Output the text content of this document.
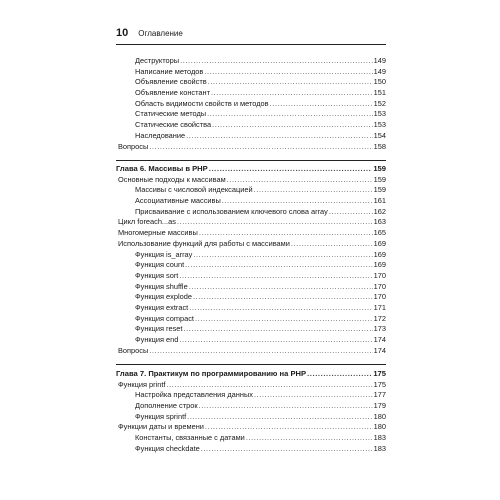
10 Оглавление
Деструкторы .....	149
Написание методов .....	149
Объявление свойств .....	150
Объявление констант .....	151
Область видимости свойств и методов .....	152
Статические методы .....	153
Статические свойства .....	153
Наследование .....	154
Вопросы .....	158
Глава 6. Массивы в PHP .....	159
Основные подходы к массивам .....	159
Массивы с числовой индексацией .....	159
Ассоциативные массивы .....	161
Присваивание с использованием ключевого слова array .....	162
Цикл foreach...as .....	163
Многомерные массивы .....	165
Использование функций для работы с массивами .....	169
Функция is_array .....	169
Функция count .....	169
Функция sort .....	170
Функция shuffle .....	170
Функция explode .....	170
Функция extract .....	171
Функция compact .....	172
Функция reset .....	173
Функция end .....	174
Вопросы .....	174
Глава 7. Практикум по программированию на PHP .....	175
Функция printf .....	175
Настройка представления данных .....	177
Дополнение строк .....	179
Функция sprintf .....	180
Функции даты и времени .....	180
Константы, связанные с датами .....	183
Функция checkdate .....	183
